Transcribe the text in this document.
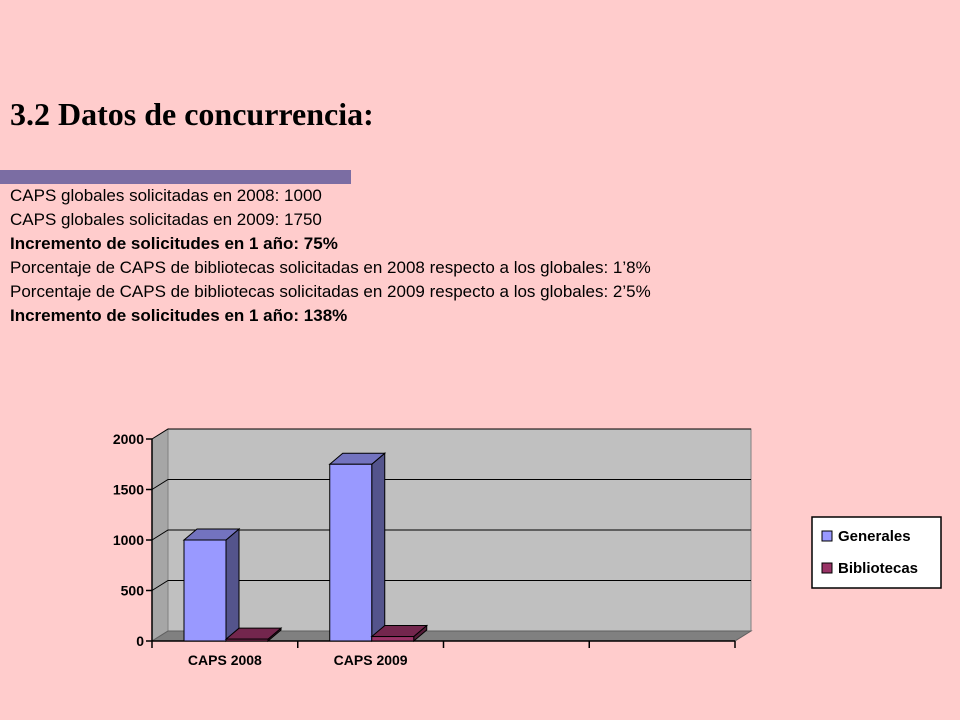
3.2 Datos de concurrencia:
CAPS globales solicitadas en 2008: 1000
CAPS globales solicitadas en 2009: 1750
Incremento de solicitudes en 1 año: 75%
Porcentaje de CAPS de bibliotecas solicitadas en 2008 respecto a los globales: 1’8%
Porcentaje de CAPS de bibliotecas solicitadas en 2009 respecto a los globales: 2’5%
Incremento de solicitudes en 1 año: 138%
0
500
1000
1500
2000
CAPS 2008	CAPS 2009
Generales
Bibliotecas
